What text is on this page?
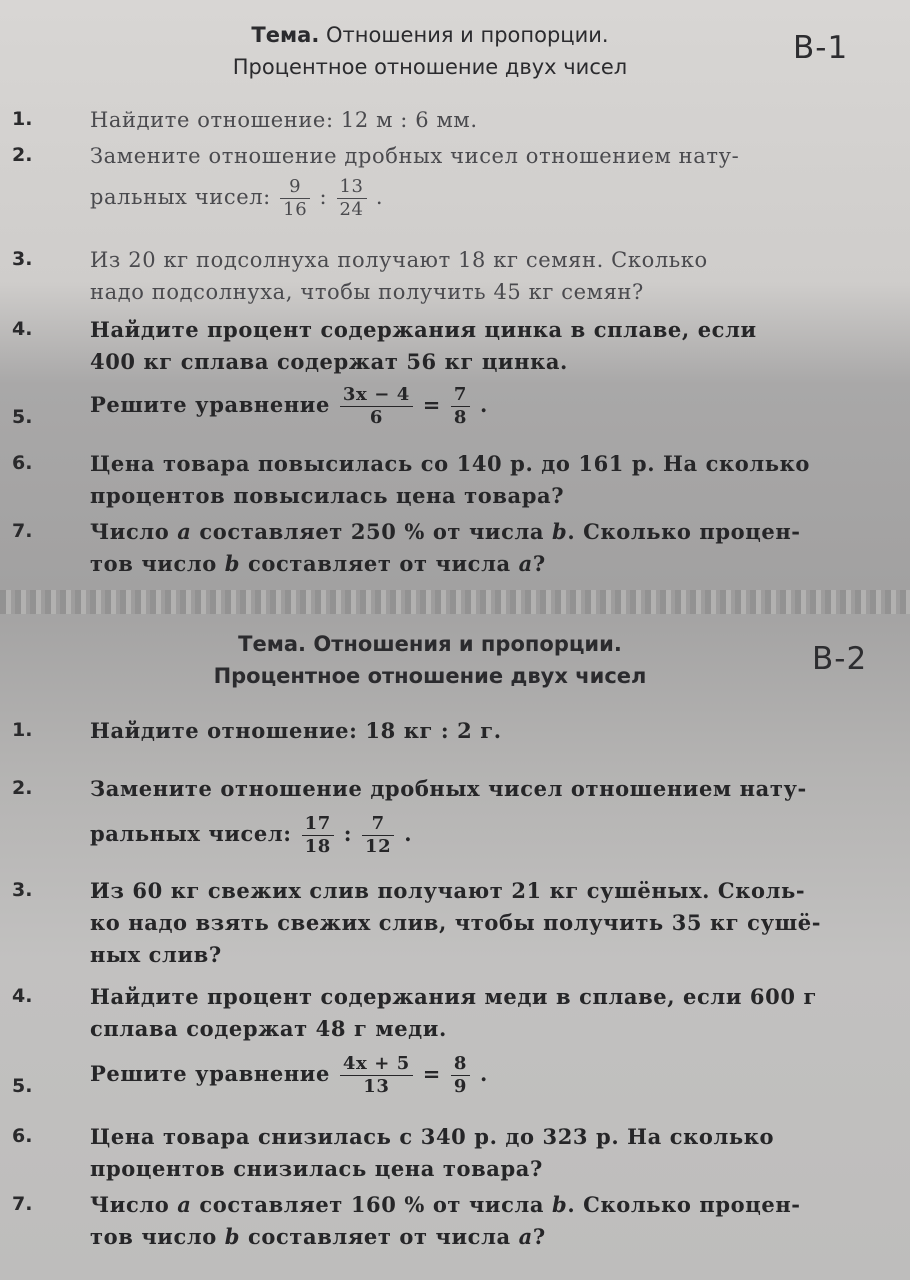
Тема. Отношения и пропорции.
Процентное отношение двух чисел
В-1
1.	Найдите отношение: 12 м : 6 мм.
2.	Замените отношение дробных чисел отношением нату-
ральных чисел: $\frac{9}{16}$ : $\frac{13}{24}$ .
3.	Из 20 кг подсолнуха получают 18 кг семян. Сколько
надо подсолнуха, чтобы получить 45 кг семян?
4.	Найдите процент содержания цинка в сплаве, если
400 кг сплава содержат 56 кг цинка.
5.	Решите уравнение $\frac{3x - 4}{6} = \frac{7}{8}$ .
6.	Цена товара повысилась со 140 р. до 161 р. На сколько
процентов повысилась цена товара?
7.	Число a составляет 250 % от числа b. Сколько процен-
тов число b составляет от числа a?
Тема. Отношения и пропорции.
Процентное отношение двух чисел	В-2
1.	Найдите отношение: 18 кг : 2 г.
2.	Замените отношение дробных чисел отношением нату-
ральных чисел: $\frac{17}{18}$ : $\frac{7}{12}$ .
3.	Из 60 кг свежих слив получают 21 кг сушёных. Сколь-
ко надо взять свежих слив, чтобы получить 35 кг сушё-
ных слив?
4.	Найдите процент содержания меди в сплаве, если 600 г
сплава содержат 48 г меди.
5.	Решите уравнение $\frac{4x + 5}{13} = \frac{8}{9}$ .
6.	Цена товара снизилась с 340 р. до 323 р. На сколько
процентов снизилась цена товара?
7.	Число a составляет 160 % от числа b. Сколько процен-
тов число b составляет от числа a?
